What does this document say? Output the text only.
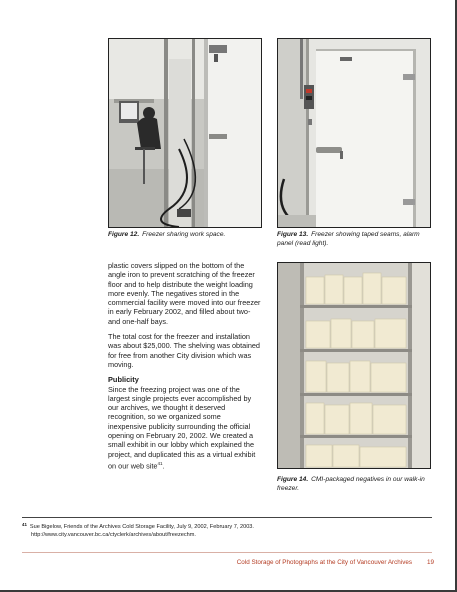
Figure 12. Freezer sharing work space.	Figure 13. Freezer showing taped seams, alarm panel (read light).
Figure 14. CMI-packaged negatives in our walk-in freezer.

plastic covers slipped on the bottom of the angle iron to prevent scratching of the freezer floor and to help distribute the weight loading more evenly. The negatives stored in the commercial facility were moved into our freezer in early February 2002, and filled about two- and one-half bays.

The total cost for the freezer and installation was about $25,000. The shelving was obtained for free from another City division which was moving.

Publicity

Since the freezing project was one of the largest single projects ever accomplished by our archives, we thought it deserved recognition, so we organized some inexpensive publicity surrounding the official opening on February 20, 2002. We created a small exhibit in our lobby which explained the project, and duplicated this as a virtual exhibit on our web site$^{41}$.

$^{41}$ Sue Bigelow, Friends of the Archives Cold Storage Facility, July 9, 2002, February 7, 2003.
http://www.city.vancouver.bc.ca/ctyclerk/archives/about/freezechm.
Cold Storage of Photographs at the City of Vancouver Archives 19
